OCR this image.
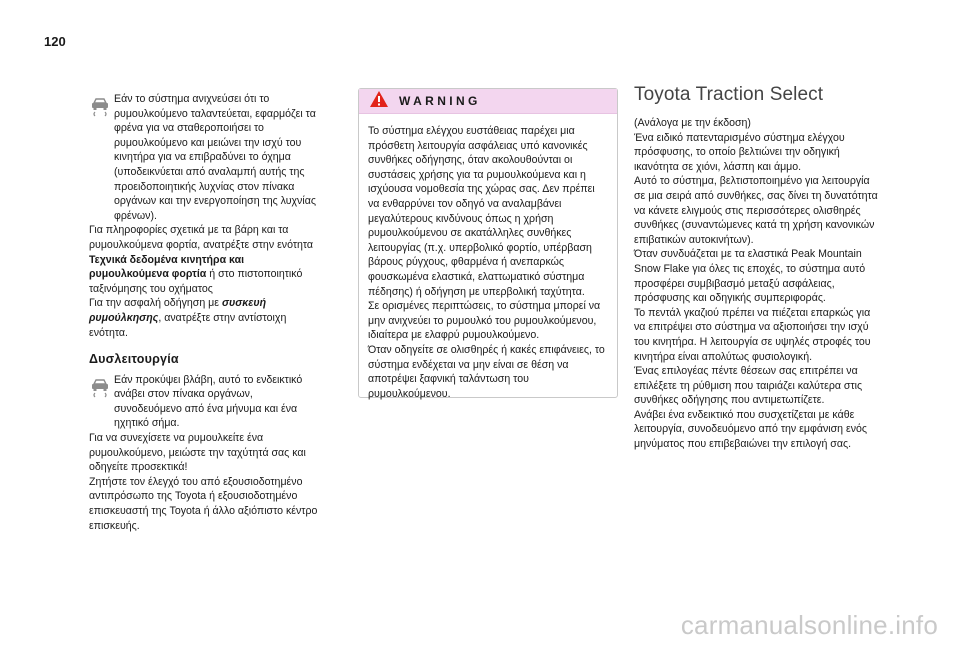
120

Εάν το σύστημα ανιχνεύσει ότι το ρυμουλκούμενο ταλαντεύεται, εφαρμόζει τα φρένα για να σταθεροποιήσει το ρυμουλκούμενο και μειώνει την ισχύ του κινητήρα για να επιβραδύνει το όχημα (υποδεικνύεται από αναλαμπή αυτής της προειδοποιητικής λυχνίας στον πίνακα οργάνων και την ενεργοποίηση της λυχνίας φρένων).

Για πληροφορίες σχετικά με τα βάρη και τα ρυμουλκούμενα φορτία, ανατρέξτε στην ενότητα Τεχνικά δεδομένα κινητήρα και ρυμουλκούμενα φορτία ή στο πιστοποιητικό ταξινόμησης του οχήματος

Για την ασφαλή οδήγηση με συσκευή ρυμούλκησης, ανατρέξτε στην αντίστοιχη ενότητα.

Δυσλειτουργία

Εάν προκύψει βλάβη, αυτό το ενδεικτικό ανάβει στον πίνακα οργάνων, συνοδευόμενο από ένα μήνυμα και ένα ηχητικό σήμα.

Για να συνεχίσετε να ρυμουλκείτε ένα ρυμουλκούμενο, μειώστε την ταχύτητά σας και οδηγείτε προσεκτικά!

Ζητήστε τον έλεγχό του από εξουσιοδοτημένο αντιπρόσωπο της Toyota ή εξουσιοδοτημένο επισκευαστή της Toyota ή άλλο αξιόπιστο κέντρο επισκευής.

WARNING

Το σύστημα ελέγχου ευστάθειας παρέχει μια πρόσθετη λειτουργία ασφάλειας υπό κανονικές συνθήκες οδήγησης, όταν ακολουθούνται οι συστάσεις χρήσης για τα ρυμουλκούμενα και η ισχύουσα νομοθεσία της χώρας σας. Δεν πρέπει να ενθαρρύνει τον οδηγό να αναλαμβάνει μεγαλύτερους κινδύνους όπως η χρήση ρυμουλκούμενου σε ακατάλληλες συνθήκες λειτουργίας (π.χ. υπερβολικό φορτίο, υπέρβαση βάρους ρύγχους, φθαρμένα ή ανεπαρκώς φουσκωμένα ελαστικά, ελαττωματικό σύστημα πέδησης) ή οδήγηση με υπερβολική ταχύτητα.

Σε ορισμένες περιπτώσεις, το σύστημα μπορεί να μην ανιχνεύει το ρυμουλκό του ρυμουλκούμενου, ιδιαίτερα με ελαφρύ ρυμουλκούμενο.

Όταν οδηγείτε σε ολισθηρές ή κακές επιφάνειες, το σύστημα ενδέχεται να μην είναι σε θέση να αποτρέψει ξαφνική ταλάντωση του ρυμουλκούμενου.

Toyota Traction Select

(Ανάλογα με την έκδοση)

Ένα ειδικό πατενταρισμένο σύστημα ελέγχου πρόσφυσης, το οποίο βελτιώνει την οδηγική ικανότητα σε χιόνι, λάσπη και άμμο.

Αυτό το σύστημα, βελτιστοποιημένο για λειτουργία σε μια σειρά από συνθήκες, σας δίνει τη δυνατότητα να κάνετε ελιγμούς στις περισσότερες ολισθηρές συνθήκες (συναντώμενες κατά τη χρήση κανονικών επιβατικών αυτοκινήτων).

Όταν συνδυάζεται με τα ελαστικά Peak Mountain Snow Flake για όλες τις εποχές, το σύστημα αυτό προσφέρει συμβιβασμό μεταξύ ασφάλειας, πρόσφυσης και οδηγικής συμπεριφοράς.

Το πεντάλ γκαζιού πρέπει να πιέζεται επαρκώς για να επιτρέψει στο σύστημα να αξιοποιήσει την ισχύ του κινητήρα. Η λειτουργία σε υψηλές στροφές του κινητήρα είναι απολύτως φυσιολογική.

Ένας επιλογέας πέντε θέσεων σας επιτρέπει να επιλέξετε τη ρύθμιση που ταιριάζει καλύτερα στις συνθήκες οδήγησης που αντιμετωπίζετε.

Ανάβει ένα ενδεικτικό που συσχετίζεται με κάθε λειτουργία, συνοδευόμενο από την εμφάνιση ενός μηνύματος που επιβεβαιώνει την επιλογή σας.

carmanualsonline.info
